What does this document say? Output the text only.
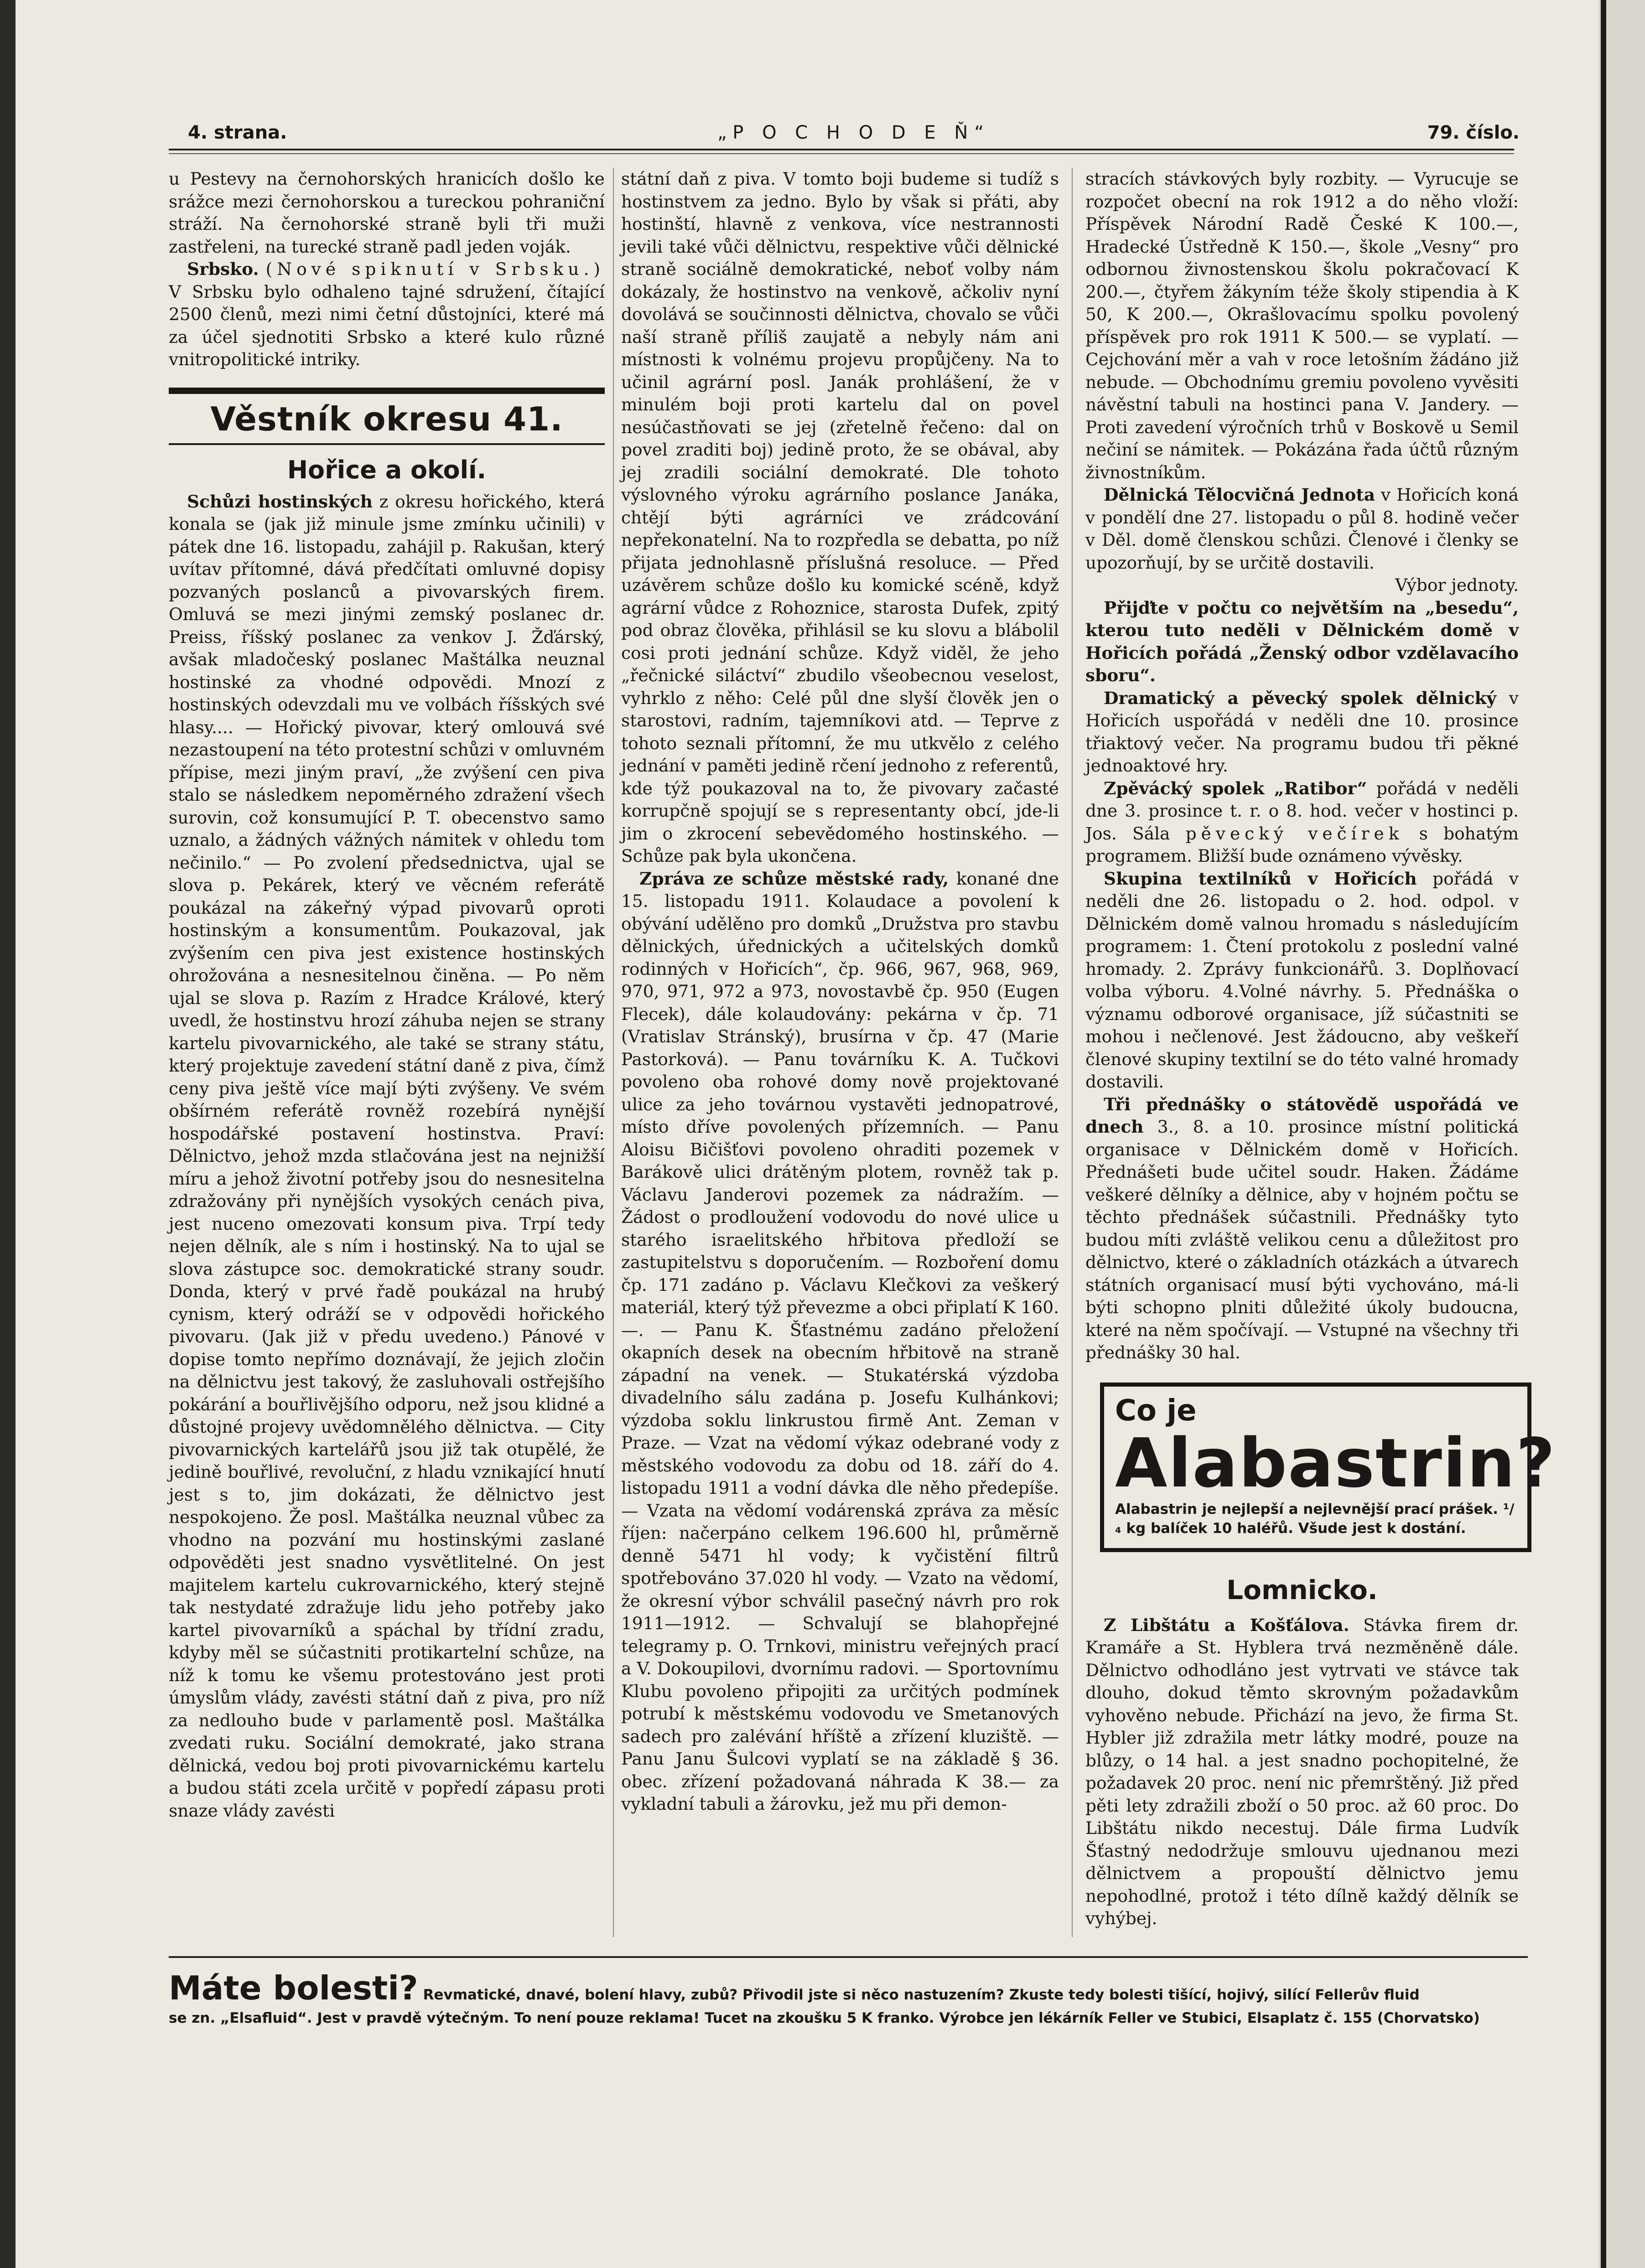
4. strana.	„P O C H O D E Ň“	79. číslo.

u Pestevy na černohorských hranicích došlo ke srážce mezi černohorskou a tureckou pohraniční stráží. Na černohorské straně byli tři muži zastřeleni, na turecké straně padl jeden voják.

Srbsko. (Nové spiknutí v Srbsku.) V Srbsku bylo odhaleno tajné sdružení, čítající 2500 členů, mezi nimi četní důstojníci, které má za účel sjednotiti Srbsko a které kulo různé vnitropolitické intriky.

Věstník okresu 41.
Hořice a okolí.

Schůzi hostinských z okresu hořického, která konala se (jak již minule jsme zmínku učinili) v pátek dne 16. listopadu, zahájil p. Rakušan, který uvítav přítomné, dává předčítati omluvné dopisy pozvaných poslanců a pivovarských firem. Omluvá se mezi jinými zemský poslanec dr. Preiss, říšský poslanec za venkov J. Žďárský, avšak mladočeský poslanec Maštálka neuznal hostinské za vhodné odpovědi. Mnozí z hostinských odevzdali mu ve volbách říšských své hlasy.... — Hořický pivovar, který omlouvá své nezastoupení na této protestní schůzi v omluvném přípise, mezi jiným praví, „že zvýšení cen piva stalo se následkem nepoměrného zdražení všech surovin, což konsumující P. T. obecenstvo samo uznalo, a žádných vážných námitek v ohledu tom nečinilo.“ — Po zvolení předsednictva, ujal se slova p. Pekárek, který ve věcném referátě poukázal na zákeřný výpad pivovarů oproti hostinským a konsumentům. Poukazoval, jak zvýšením cen piva jest existence hostinských ohrožována a nesnesitelnou činěna. — Po něm ujal se slova p. Razím z Hradce Králové, který uvedl, že hostinstvu hrozí záhuba nejen se strany kartelu pivovarnického, ale také se strany státu, který projektuje zavedení státní daně z piva, čímž ceny piva ještě více mají býti zvýšeny. Ve svém obšírném referátě rovněž rozebírá nynější hospodářské postavení hostinstva. Praví: Dělnictvo, jehož mzda stlačována jest na nejnižší míru a jehož životní potřeby jsou do nesnesitelna zdražovány při nynějších vysokých cenách piva, jest nuceno omezovati konsum piva. Trpí tedy nejen dělník, ale s ním i hostinský. Na to ujal se slova zástupce soc. demokratické strany soudr. Donda, který v prvé řadě poukázal na hrubý cynism, který odráží se v odpovědi hořického pivovaru. (Jak již v předu uvedeno.) Pánové v dopise tomto nepřímo doznávají, že jejich zločin na dělnictvu jest takový, že zasluhovali ostřejšího pokárání a bouřlivějšího odporu, než jsou klidné a důstojné projevy uvědomnělého dělnictva. — City pivovarnických kartelářů jsou již tak otupělé, že jedině bouřlivé, revoluční, z hladu vznikající hnutí jest s to, jim dokázati, že dělnictvo jest nespokojeno. Že posl. Maštálka neuznal vůbec za vhodno na pozvání mu hostinskými zaslané odpověděti jest snadno vysvětlitelné. On jest majitelem kartelu cukrovarnického, který stejně tak nestydaté zdražuje lidu jeho potřeby jako kartel pivovarníků a spáchal by třídní zradu, kdyby měl se súčastniti protikartelní schůze, na níž k tomu ke všemu protestováno jest proti úmyslům vlády, zavésti státní daň z piva, pro níž za nedlouho bude v parlamentě posl. Maštálka zvedati ruku. Sociální demokraté, jako strana dělnická, vedou boj proti pivovarnickému kartelu a budou státi zcela určitě v popředí zápasu proti snaze vlády zavésti

státní daň z piva. V tomto boji budeme si tudíž s hostinstvem za jedno. Bylo by však si přáti, aby hostinští, hlavně z venkova, více nestrannosti jevili také vůči dělnictvu, respektive vůči dělnické straně sociálně demokratické, neboť volby nám dokázaly, že hostinstvo na venkově, ačkoliv nyní dovolává se součinnosti dělnictva, chovalo se vůči naší straně příliš zaujatě a nebyly nám ani místnosti k volnému projevu propůjčeny. Na to učinil agrární posl. Janák prohlášení, že v minulém boji proti kartelu dal on povel nesúčastňovati se jej (zřetelně řečeno: dal on povel zraditi boj) jedině proto, že se obával, aby jej zradili sociální demokraté. Dle tohoto výslovného výroku agrárního poslance Janáka, chtějí býti agrárníci ve zrádcování nepřekonatelní. Na to rozpředla se debatta, po níž přijata jednohlasně příslušná resoluce. — Před uzávěrem schůze došlo ku komické scéně, když agrární vůdce z Rohoznice, starosta Dufek, zpitý pod obraz člověka, přihlásil se ku slovu a blábolil cosi proti jednání schůze. Když viděl, že jeho „řečnické siláctví“ zbudilo všeobecnou veselost, vyhrklo z něho: Celé půl dne slyší člověk jen o starostovi, radním, tajemníkovi atd. — Teprve z tohoto seznali přítomní, že mu utkvělo z celého jednání v paměti jedině rčení jednoho z referentů, kde týž poukazoval na to, že pivovary začasté korrupčně spojují se s representanty obcí, jde-li jim o zkrocení sebevědomého hostinského. — Schůze pak byla ukončena.

Zpráva ze schůze městské rady, konané dne 15. listopadu 1911. Kolaudace a povolení k obývání udělěno pro domků „Družstva pro stavbu dělnických, úřednických a učitelských domků rodinných v Hořicích“, čp. 966, 967, 968, 969, 970, 971, 972 a 973, novostavbě čp. 950 (Eugen Flecek), dále kolaudovány: pekárna v čp. 71 (Vratislav Stránský), brusírna v čp. 47 (Marie Pastorková). — Panu továrníku K. A. Tučkovi povoleno oba rohové domy nově projektované ulice za jeho továrnou vystavěti jednopatrové, místo dříve povolených přízemních. — Panu Aloisu Bičišťovi povoleno ohraditi pozemek v Barákově ulici drátěným plotem, rovněž tak p. Václavu Janderovi pozemek za nádražím. — Žádost o prodloužení vodovodu do nové ulice u starého israelitského hřbitova předloží se zastupitelstvu s doporučením. — Rozboření domu čp. 171 zadáno p. Václavu Klečkovi za veškerý materiál, který týž převezme a obci připlatí K 160.—. — Panu K. Šťastnému zadáno přeložení okapních desek na obecním hřbitově na straně západní na venek. — Stukatérská výzdoba divadelního sálu zadána p. Josefu Kulhánkovi; výzdoba soklu linkrustou firmě Ant. Zeman v Praze. — Vzat na vědomí výkaz odebrané vody z městského vodovodu za dobu od 18. září do 4. listopadu 1911 a vodní dávka dle něho předepíše. — Vzata na vědomí vodárenská zpráva za měsíc říjen: načerpáno celkem 196.600 hl, průměrně denně 5471 hl vody; k vyčistění filtrů spotřebováno 37.020 hl vody. — Vzato na vědomí, že okresní výbor schválil pasečný návrh pro rok 1911—1912. — Schvalují se blahopřejné telegramy p. O. Trnkovi, ministru veřejných prací a V. Dokoupilovi, dvornímu radovi. — Sportovnímu Klubu povoleno připojiti za určitých podmínek potrubí k městskému vodovodu ve Smetanových sadech pro zalévání hříště a zřízení kluziště. — Panu Janu Šulcovi vyplatí se na základě § 36. obec. zřízení požadovaná náhrada K 38.— za vykladní tabuli a žárovku, jež mu při demon-

stracích stávkových byly rozbity. — Vyrucuje se rozpočet obecní na rok 1912 a do něho vloží: Příspěvek Národní Radě České K 100.—, Hradecké Ústředně K 150.—, škole „Vesny“ pro odbornou živnostenskou školu pokračovací K 200.—, čtyřem žákyním téže školy stipendia à K 50, K 200.—, Okrašlovacímu spolku povolený příspěvek pro rok 1911 K 500.— se vyplatí. — Cejchování měr a vah v roce letošním žádáno již nebude. — Obchodnímu gremiu povoleno vyvěsiti návěstní tabuli na hostinci pana V. Jandery. — Proti zavedení výročních trhů v Boskově u Semil nečiní se námitek. — Pokázána řada účtů různým živnostníkům.

Dělnická Tělocvičná Jednota v Hořicích koná v pondělí dne 27. listopadu o půl 8. hodině večer v Děl. domě členskou schůzi. Členové i členky se upozorňují, by se určitě dostavili.

Výbor jednoty.

Přijďte v počtu co největším na „besedu“, kterou tuto neděli v Dělnickém domě v Hořicích pořádá „Ženský odbor vzdělavacího sboru“.

Dramatický a pěvecký spolek dělnický v Hořicích uspořádá v neděli dne 10. prosince třiaktový večer. Na programu budou tři pěkné jednoaktové hry.

Zpěvácký spolek „Ratibor“ pořádá v neděli dne 3. prosince t. r. o 8. hod. večer v hostinci p. Jos. Sála pěvecký večírek s bohatým programem. Bližší bude oznámeno vývěsky.

Skupina textilníků v Hořicích pořádá v neděli dne 26. listopadu o 2. hod. odpol. v Dělnickém domě valnou hromadu s následujícím programem: 1. Čtení protokolu z poslední valné hromady. 2. Zprávy funkcionářů. 3. Doplňovací volba výboru. 4.Volné návrhy. 5. Přednáška o významu odborové organisace, jíž súčastniti se mohou i nečlenové. Jest žádoucno, aby veškeří členové skupiny textilní se do této valné hromady dostavili.

Tři přednášky o státovědě uspořádá ve dnech 3., 8. a 10. prosince místní politická organisace v Dělnickém domě v Hořicích. Přednášeti bude učitel soudr. Haken. Žádáme veškeré dělníky a dělnice, aby v hojném počtu se těchto přednášek súčastnili. Přednášky tyto budou míti zvláště velikou cenu a důležitost pro dělnictvo, které o základních otázkách a útvarech státních organisací musí býti vychováno, má-li býti schopno plniti důležité úkoly budoucna, které na něm spočívají. — Vstupné na všechny tři přednášky 30 hal.

Co je
Alabastrin?
Alabastrin je nejlepší a nejlevnější prací prášek. ¹/₄ kg balíček 10 haléřů. Všude jest k dostání.
Lomnicko.

Z Libštátu a Košťálova. Stávka firem dr. Kramáře a St. Hyblera trvá nezměněně dále. Dělnictvo odhodláno jest vytrvati ve stávce tak dlouho, dokud těmto skrovným požadavkům vyhověno nebude. Přichází na jevo, že firma St. Hybler již zdražila metr látky modré, pouze na blůzy, o 14 hal. a jest snadno pochopitelné, že požadavek 20 proc. není nic přemrštěný. Již před pěti lety zdražili zboží o 50 proc. až 60 proc. Do Libštátu nikdo necestuj. Dále firma Ludvík Šťastný nedodržuje smlouvu ujednanou mezi dělnictvem a propouští dělnictvo jemu nepohodlné, protož i této dílně každý dělník se vyhýbej.

Máte bolesti? Revmatické, dnavé, bolení hlavy, zubů? Přivodil jste si něco nastuzením? Zkuste tedy bolesti tišící, hojivý, silící Fellerův fluid
se zn. „Elsafluid“. Jest v pravdě výtečným. To není pouze reklama! Tucet na zkoušku 5 K franko. Výrobce jen lékárník Feller ve Stubici, Elsaplatz č. 155 (Chorvatsko)
